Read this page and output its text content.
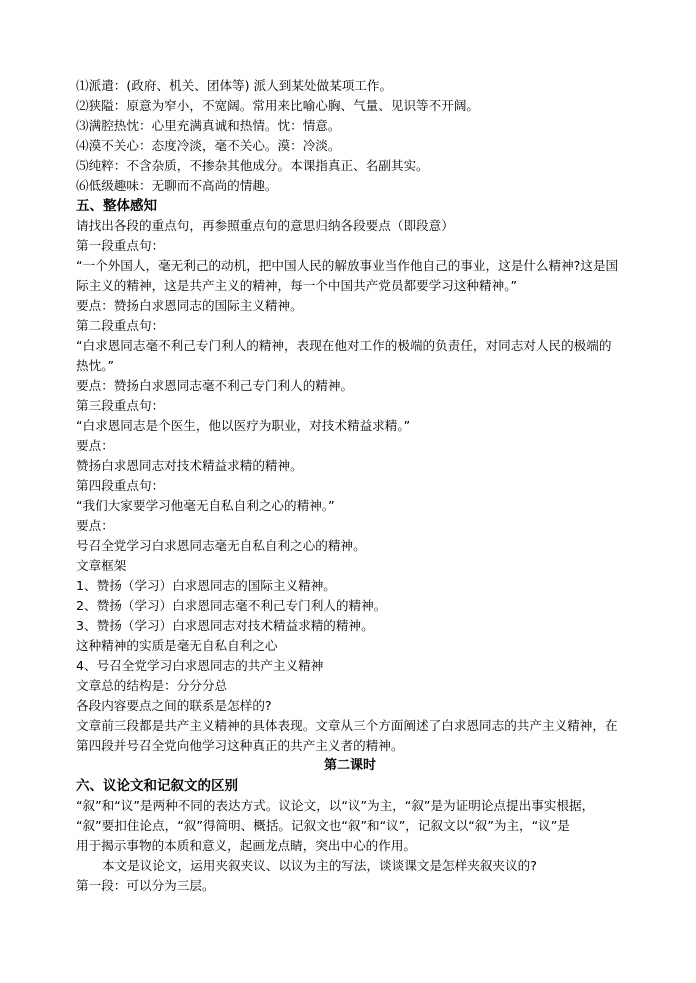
⑴派遣：(政府、机关、团体等) 派人到某处做某项工作。
⑵狭隘：原意为窄小，不宽阔。常用来比喻心胸、气量、见识等不开阔。
⑶满腔热忱：心里充满真诚和热情。忱：情意。
⑷漠不关心：态度冷淡，毫不关心。漠：冷淡。
⑸纯粹：不含杂质，不掺杂其他成分。本课指真正、名副其实。
⑹低级趣味：无聊而不高尚的情趣。
五、整体感知
请找出各段的重点句，再参照重点句的意思归纳各段要点（即段意）
第一段重点句：
“一个外国人，毫无利己的动机，把中国人民的解放事业当作他自己的事业，这是什么精神?这是国
际主义的精神，这是共产主义的精神，每一个中国共产党员都要学习这种精神。”
要点：赞扬白求恩同志的国际主义精神。
第二段重点句：
“白求恩同志毫不利己专门利人的精神，表现在他对工作的极端的负责任，对同志对人民的极端的
热忱。”
要点：赞扬白求恩同志毫不利己专门利人的精神。
第三段重点句：
“白求恩同志是个医生，他以医疗为职业，对技术精益求精。”
要点：
赞扬白求恩同志对技术精益求精的精神。
第四段重点句：
“我们大家要学习他毫无自私自利之心的精神。”
要点：
号召全党学习白求恩同志毫无自私自利之心的精神。
文章框架
1、赞扬（学习）白求恩同志的国际主义精神。
2、赞扬（学习）白求恩同志毫不利己专门利人的精神。
3、赞扬（学习）白求恩同志对技术精益求精的精神。
这种精神的实质是毫无自私自利之心
4、号召全党学习白求恩同志的共产主义精神
文章总的结构是：分分分总
各段内容要点之间的联系是怎样的?
文章前三段都是共产主义精神的具体表现。文章从三个方面阐述了白求恩同志的共产主义精神，在
第四段并号召全党向他学习这种真正的共产主义者的精神。
第二课时
六、议论文和记叙文的区别
“叙”和“议”是两种不同的表达方式。议论文，以“议”为主，“叙”是为证明论点提出事实根据，
“叙”要扣住论点，“叙”得简明、概括。记叙文也“叙”和“议”，记叙文以“叙”为主，“议”是
用于揭示事物的本质和意义，起画龙点睛，突出中心的作用。
本文是议论文，运用夹叙夹议、以议为主的写法，谈谈课文是怎样夹叙夹议的?
第一段：可以分为三层。
